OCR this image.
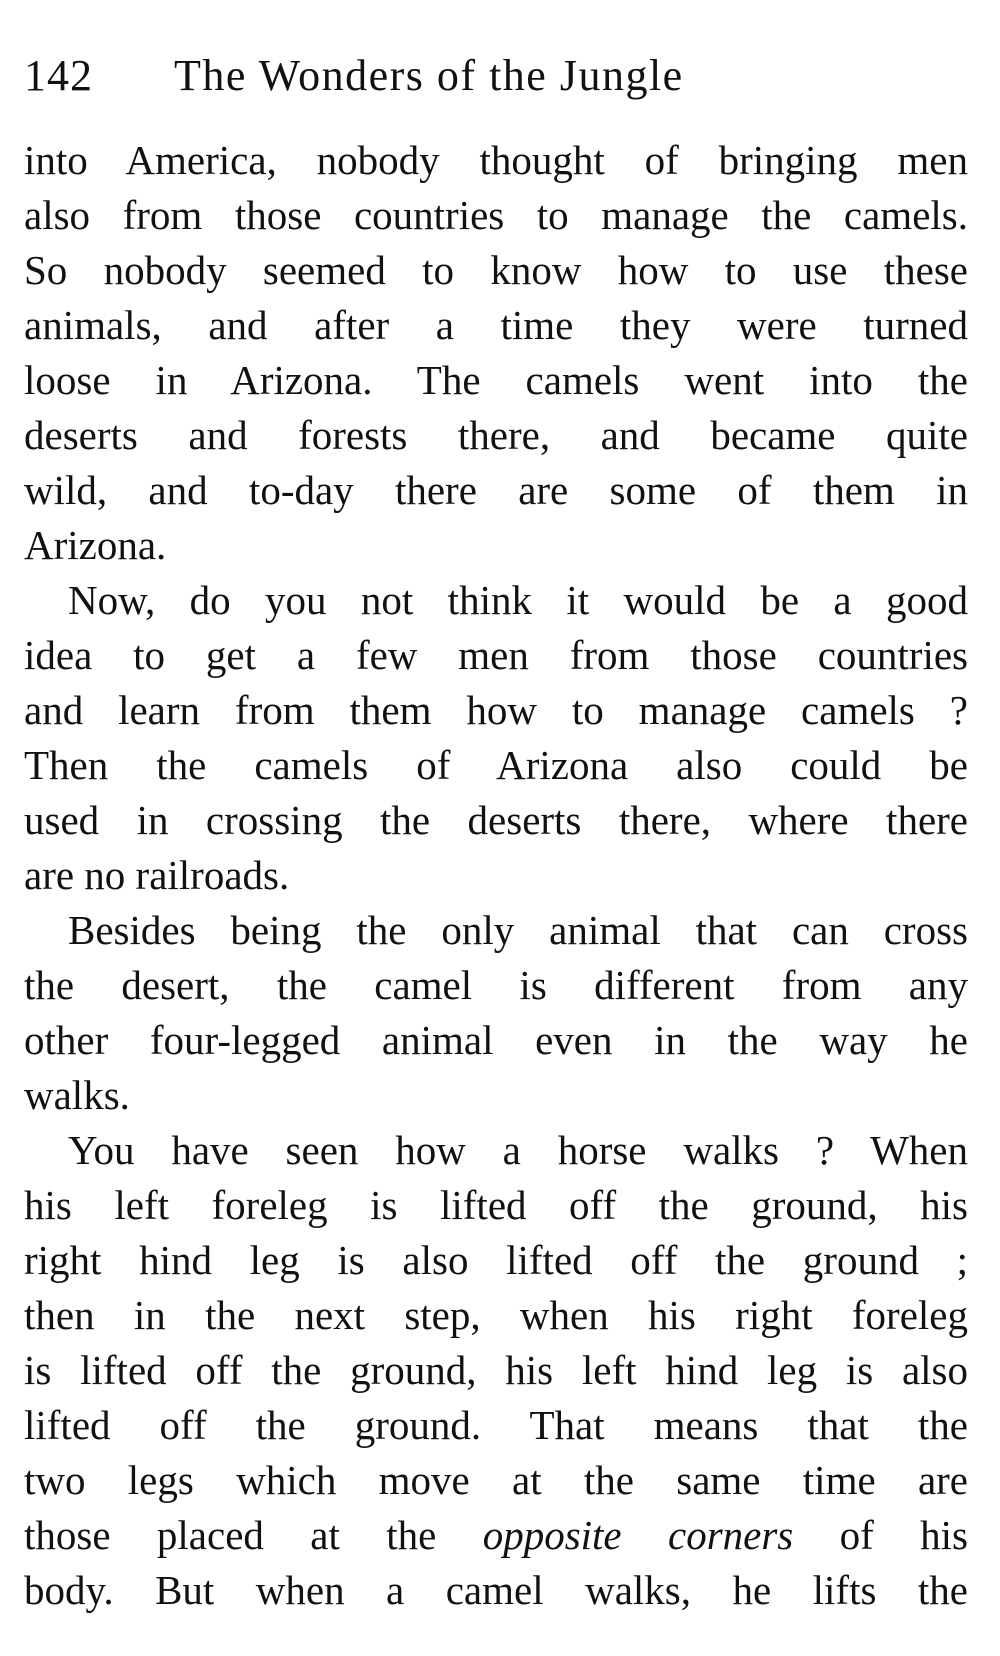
142 The Wonders of the Jungle
into America, nobody thought of bringing men
also from those countries to manage the camels.
So nobody seemed to know how to use these
animals, and after a time they were turned
loose in Arizona. The camels went into the
deserts and forests there, and became quite
wild, and to-day there are some of them in
Arizona.
Now, do you not think it would be a good
idea to get a few men from those countries
and learn from them how to manage camels ?
Then the camels of Arizona also could be
used in crossing the deserts there, where there
are no railroads.
Besides being the only animal that can cross
the desert, the camel is different from any
other four-legged animal even in the way he
walks.
You have seen how a horse walks ? When
his left foreleg is lifted off the ground, his
right hind leg is also lifted off the ground ;
then in the next step, when his right foreleg
is lifted off the ground, his left hind leg is also
lifted off the ground. That means that the
two legs which move at the same time are
those placed at the opposite corners of his
body. But when a camel walks, he lifts the
